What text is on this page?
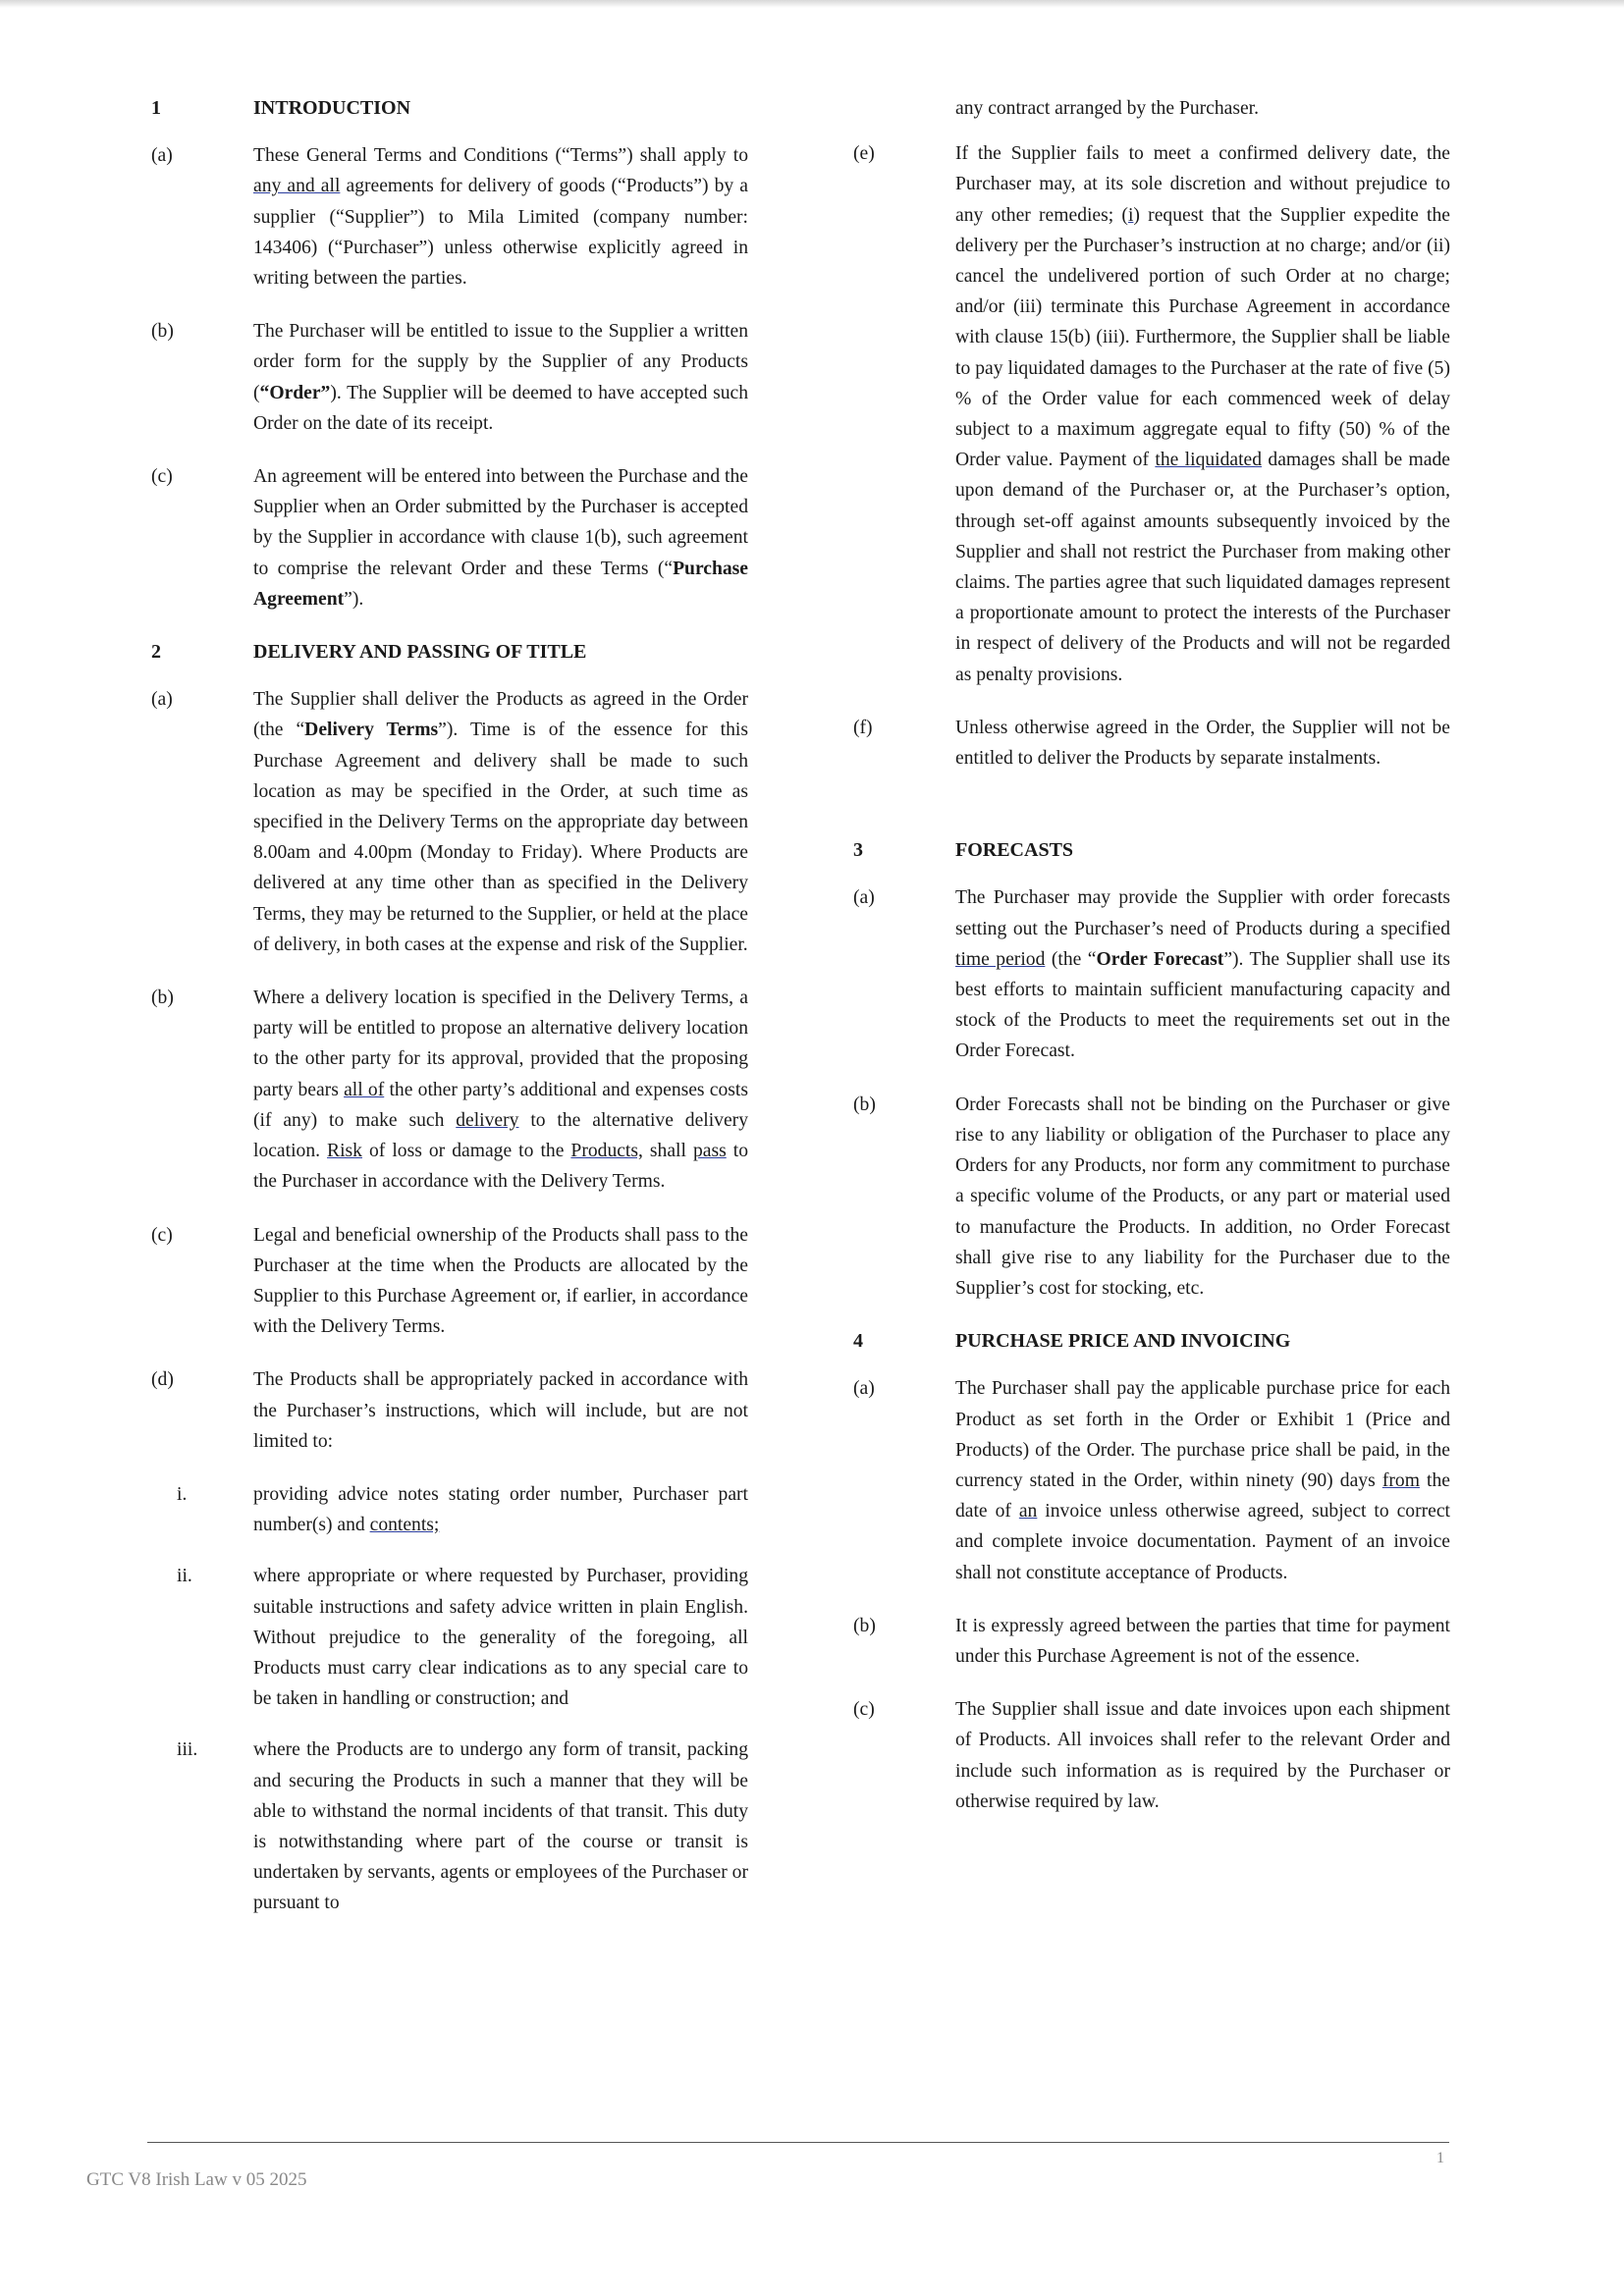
1	INTRODUCTION
(a)	These General Terms and Conditions (“Terms”) shall apply to any and all agreements for delivery of goods (“Products”) by a supplier (“Supplier”) to Mila Limited (company number: 143406) (“Purchaser”) unless otherwise explicitly agreed in writing between the parties.
(b)	The Purchaser will be entitled to issue to the Supplier a written order form for the supply by the Supplier of any Products (“Order”). The Supplier will be deemed to have accepted such Order on the date of its receipt.
(c)	An agreement will be entered into between the Purchase and the Supplier when an Order submitted by the Purchaser is accepted by the Supplier in accordance with clause 1(b), such agreement to comprise the relevant Order and these Terms (“Purchase Agreement”).
2	DELIVERY AND PASSING OF TITLE
(a)	The Supplier shall deliver the Products as agreed in the Order (the “Delivery Terms”). Time is of the essence for this Purchase Agreement and delivery shall be made to such location as may be specified in the Order, at such time as specified in the Delivery Terms on the appropriate day between 8.00am and 4.00pm (Monday to Friday). Where Products are delivered at any time other than as specified in the Delivery Terms, they may be returned to the Supplier, or held at the place of delivery, in both cases at the expense and risk of the Supplier.
(b)	Where a delivery location is specified in the Delivery Terms, a party will be entitled to propose an alternative delivery location to the other party for its approval, provided that the proposing party bears all of the other party’s additional and expenses costs (if any) to make such delivery to the alternative delivery location. Risk of loss or damage to the Products, shall pass to the Purchaser in accordance with the Delivery Terms.
(c)	Legal and beneficial ownership of the Products shall pass to the Purchaser at the time when the Products are allocated by the Supplier to this Purchase Agreement or, if earlier, in accordance with the Delivery Terms.
(d)	The Products shall be appropriately packed in accordance with the Purchaser’s instructions, which will include, but are not limited to:
i.	providing advice notes stating order number, Purchaser part number(s) and contents;
ii.	where appropriate or where requested by Purchaser, providing suitable instructions and safety advice written in plain English. Without prejudice to the generality of the foregoing, all Products must carry clear indications as to any special care to be taken in handling or construction; and
iii.	where the Products are to undergo any form of transit, packing and securing the Products in such a manner that they will be able to withstand the normal incidents of that transit. This duty is notwithstanding where part of the course or transit is undertaken by servants, agents or employees of the Purchaser or pursuant to
any contract arranged by the Purchaser.
(e)	If the Supplier fails to meet a confirmed delivery date, the Purchaser may, at its sole discretion and without prejudice to any other remedies; (i) request that the Supplier expedite the delivery per the Purchaser’s instruction at no charge; and/or (ii) cancel the undelivered portion of such Order at no charge; and/or (iii) terminate this Purchase Agreement in accordance with clause 15(b) (iii). Furthermore, the Supplier shall be liable to pay liquidated damages to the Purchaser at the rate of five (5) % of the Order value for each commenced week of delay subject to a maximum aggregate equal to fifty (50) % of the Order value. Payment of the liquidated damages shall be made upon demand of the Purchaser or, at the Purchaser’s option, through set-off against amounts subsequently invoiced by the Supplier and shall not restrict the Purchaser from making other claims. The parties agree that such liquidated damages represent a proportionate amount to protect the interests of the Purchaser in respect of delivery of the Products and will not be regarded as penalty provisions.
(f)	Unless otherwise agreed in the Order, the Supplier will not be entitled to deliver the Products by separate instalments.
3	FORECASTS
(a)	The Purchaser may provide the Supplier with order forecasts setting out the Purchaser’s need of Products during a specified time period (the “Order Forecast”). The Supplier shall use its best efforts to maintain sufficient manufacturing capacity and stock of the Products to meet the requirements set out in the Order Forecast.
(b)	Order Forecasts shall not be binding on the Purchaser or give rise to any liability or obligation of the Purchaser to place any Orders for any Products, nor form any commitment to purchase a specific volume of the Products, or any part or material used to manufacture the Products. In addition, no Order Forecast shall give rise to any liability for the Purchaser due to the Supplier’s cost for stocking, etc.
4	PURCHASE PRICE AND INVOICING
(a)	The Purchaser shall pay the applicable purchase price for each Product as set forth in the Order or Exhibit 1 (Price and Products) of the Order. The purchase price shall be paid, in the currency stated in the Order, within ninety (90) days from the date of an invoice unless otherwise agreed, subject to correct and complete invoice documentation. Payment of an invoice shall not constitute acceptance of Products.
(b)	It is expressly agreed between the parties that time for payment under this Purchase Agreement is not of the essence.
(c)	The Supplier shall issue and date invoices upon each shipment of Products. All invoices shall refer to the relevant Order and include such information as is required by the Purchaser or otherwise required by law.
1
GTC V8 Irish Law v 05 2025
